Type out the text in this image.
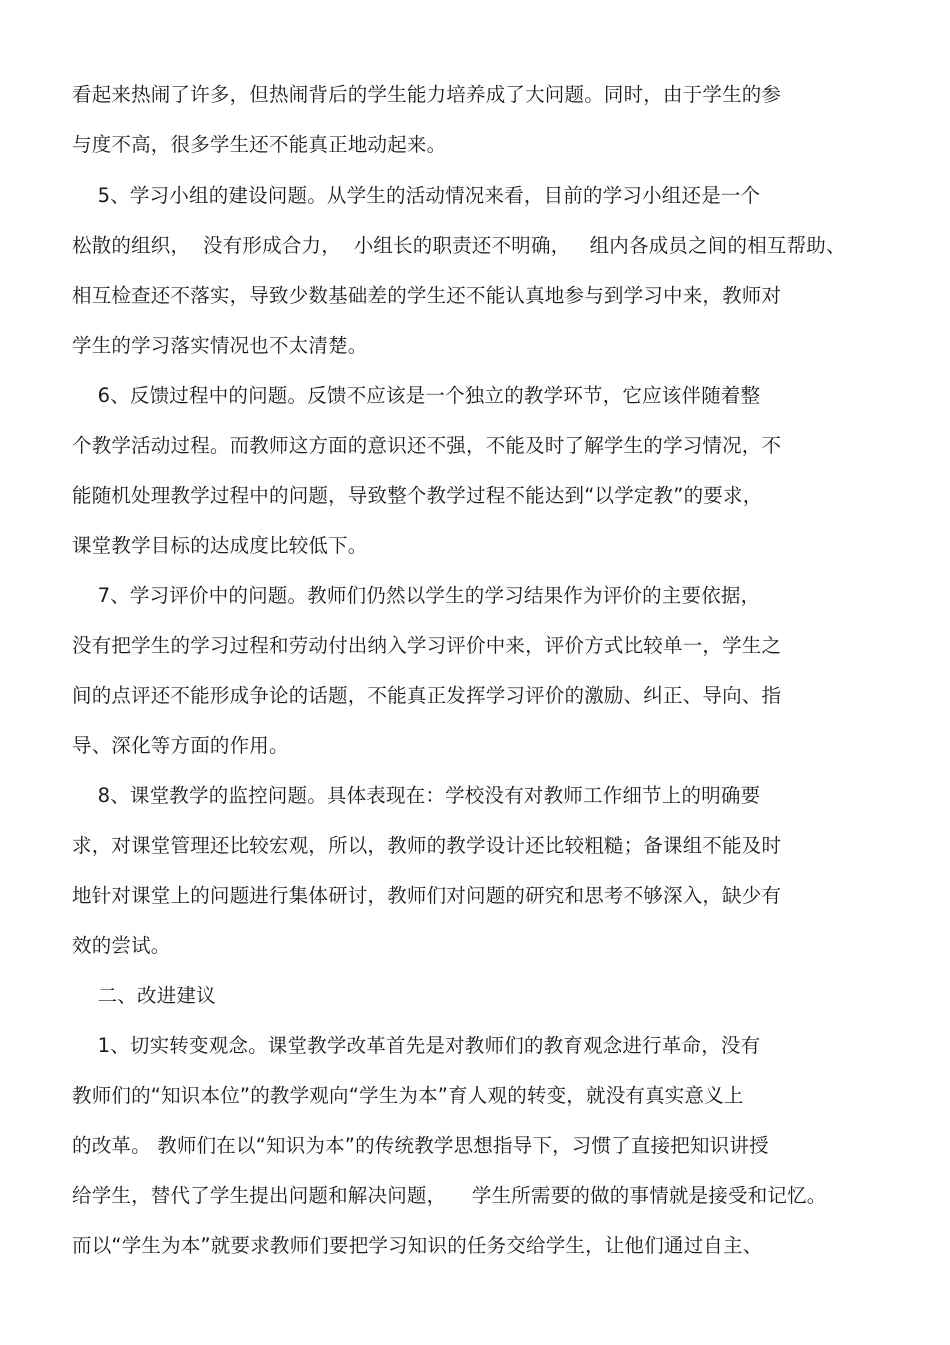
看起来热闹了许多，但热闹背后的学生能力培养成了大问题。同时，由于学生的参
与度不高，很多学生还不能真正地动起来。
5、学习小组的建设问题。从学生的活动情况来看，目前的学习小组还是一个
松散的组织，  没有形成合力，  小组长的职责还不明确，   组内各成员之间的相互帮助、
相互检查还不落实，导致少数基础差的学生还不能认真地参与到学习中来，教师对
学生的学习落实情况也不太清楚。
6、反馈过程中的问题。反馈不应该是一个独立的教学环节，它应该伴随着整
个教学活动过程。而教师这方面的意识还不强，不能及时了解学生的学习情况，不
能随机处理教学过程中的问题，导致整个教学过程不能达到“以学定教”的要求，
课堂教学目标的达成度比较低下。
7、学习评价中的问题。教师们仍然以学生的学习结果作为评价的主要依据，
没有把学生的学习过程和劳动付出纳入学习评价中来，评价方式比较单一，学生之
间的点评还不能形成争论的话题，不能真正发挥学习评价的激励、纠正、导向、指
导、深化等方面的作用。
8、课堂教学的监控问题。具体表现在：学校没有对教师工作细节上的明确要
求，对课堂管理还比较宏观，所以，教师的教学设计还比较粗糙；备课组不能及时
地针对课堂上的问题进行集体研讨，教师们对问题的研究和思考不够深入，缺少有
效的尝试。
二、改进建议
1、切实转变观念。课堂教学改革首先是对教师们的教育观念进行革命，没有
教师们的“知识本位”的教学观向“学生为本”育人观的转变，就没有真实意义上
的改革。 教师们在以“知识为本”的传统教学思想指导下，习惯了直接把知识讲授
给学生，替代了学生提出问题和解决问题，    学生所需要的做的事情就是接受和记忆。
而以“学生为本”就要求教师们要把学习知识的任务交给学生，让他们通过自主、
